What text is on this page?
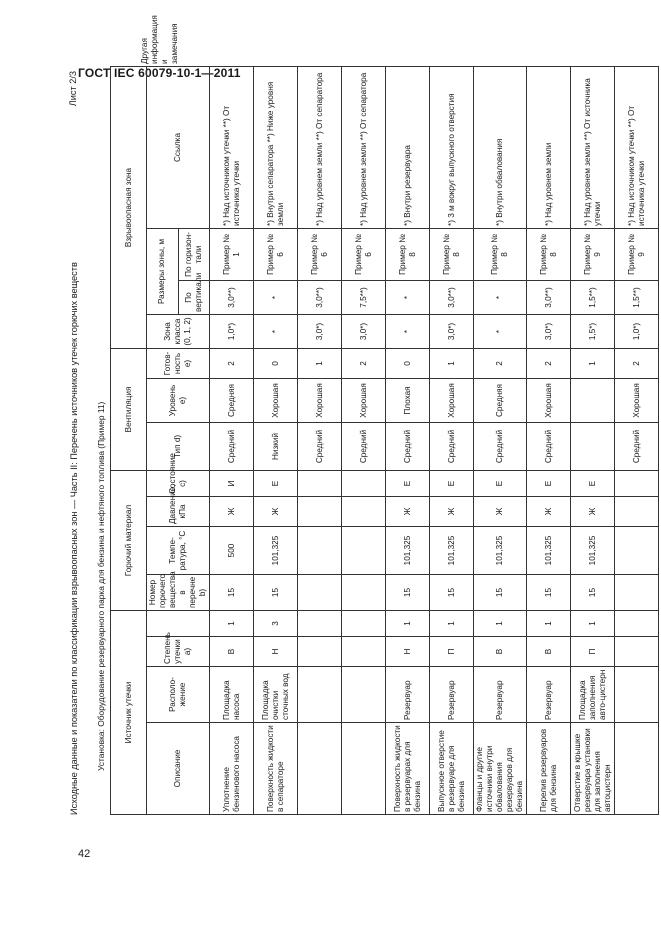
ГОСТ IEC 60079-10-1—2011
42
Исходные данные и показатели по классификации взрывоопасных зон — Часть II: Перечень источников утечек горючих веществ
Лист 2/3
Установка: Оборудование резервуарного парка для бензина и нефтяного топлива (Пример 11) Источник утечки				Горючий материал				Вентиляция			Взрывоопасная зона				Другая информация и замечания
Описание	Располо-жение	Степень утечки a)		Номер горючего вещества в перечне b)	Темпе-ратура, °С	Давление, кПа	Состояние c)	Тип d)	Уровень e)	Готов-ность e)	Зона класса (0, 1, 2)	Размеры зоны, м		Ссылка	
												По вертикали	По горизон-тали		
Уплотнение бензинового насоса	Площадка насоса	В	1	15	500	Ж	И	Средний	Средняя	2	1,0*)	3,0**)	Пример № 1	*) Над источником утечки **) От источника утечки	
Поверхность жидкости в сепараторе	Площадка очистки сточных вод	Н	3	15	101,325	Ж	Е	Низкий	Хорошая	0	*	*	Пример № 6	*) Внутри сепаратора **) Ниже уровня земли	
								Средний	Хорошая	1	3,0*)	3,0**)	Пример № 6	*) Над уровнем земли **) От сепаратора	
								Средний	Хорошая	2	3,0*)	7,5**)	Пример № 6	*) Над уровнем земли **) От сепаратора	
Поверхность жидкости в резервуарах для бензина	Резервуар	Н	1	15	101,325	Ж	Е	Средний	Плохая	0	*	*	Пример № 8	*) Внутри резервуара	
Выпускное отверстие в резервуаре для бензина	Резервуар	П	1	15	101,325	Ж	Е	Средний	Хорошая	1	3,0*)	3,0**)	Пример № 8	*) 3 м вокруг выпускного отверстия	
Фланцы и другие источники внутри обвалования резервуаров для бензина	Резервуар	В	1	15	101,325	Ж	Е	Средний	Средняя	2	*	*	Пример № 8	*) Внутри обвалования	
Перелив резервуаров для бензина	Резервуар	В	1	15	101,325	Ж	Е	Средний	Хорошая	2	3,0*)	3,0**)	Пример № 8	*) Над уровнем земли	
Отверстие в крышке резервуара установки для заполнения автоцистерн	Площадка заполнения авто-цистерн	П	1	15	101,325	Ж	Е			1	1,5*)	1,5**)	Пример № 9	*) Над уровнем земли **) От источника утечки	
								Средний	Хорошая	2	1,0*)	1,5**)	Пример № 9	*) Над источником утечки **) От источника утечки	
